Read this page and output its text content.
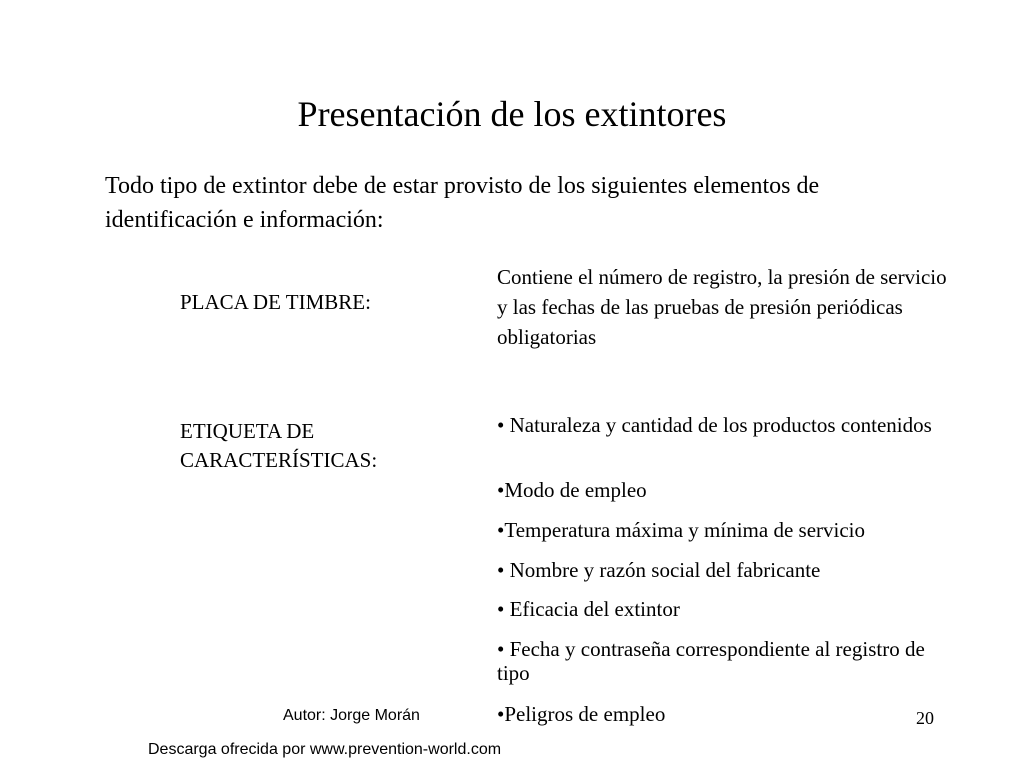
Presentación de los extintores
Todo tipo de extintor debe de estar provisto de los siguientes elementos de identificación e información:
PLACA DE TIMBRE:
Contiene el número de registro, la presión de servicio y las fechas de las pruebas de presión periódicas obligatorias
ETIQUETA DE CARACTERÍSTICAS:
• Naturaleza y cantidad de los productos contenidos
•Modo de empleo
•Temperatura máxima y mínima de servicio
• Nombre y razón social del fabricante
• Eficacia del extintor
• Fecha y contraseña correspondiente al registro de tipo
•Peligros de empleo
Autor: Jorge Morán	20
Descarga ofrecida por www.prevention-world.com
